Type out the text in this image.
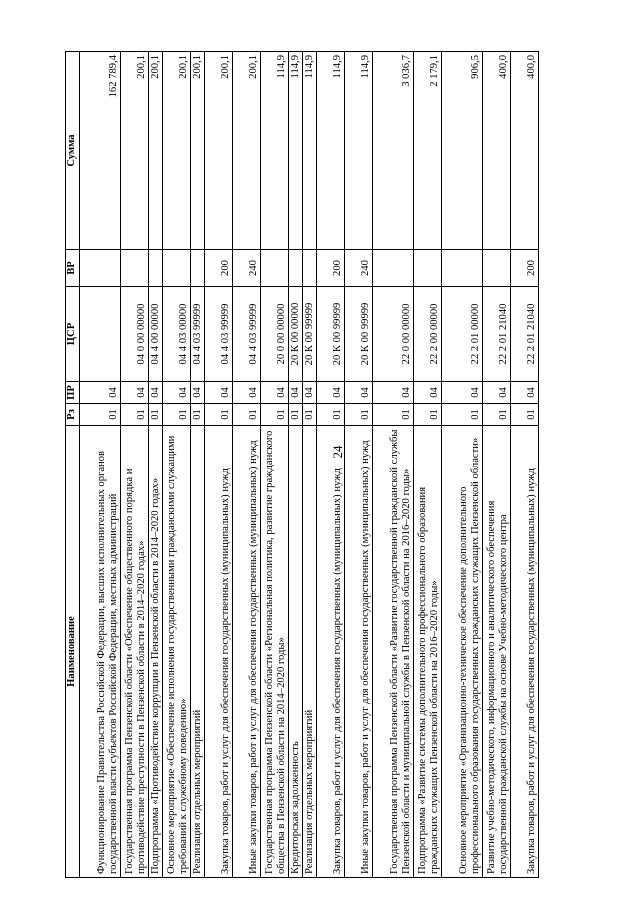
24
Наименование	Рз	ПР	ЦСР	ВР	Сумма
Функционирование Правительства Российской Федерации, высших исполнительных органов государственной власти субъектов Российской Федерации, местных администраций	01	04			162 789,4
Государственная программа Пензенской области «Обеспечение общественного порядка и противодействие преступности в Пензенской области в 2014–2020 годах»	01	04	04 0 00 00000		200,1
Подпрограмма «Противодействие коррупции в Пензенской области в 2014–2020 годах»	01	04	04 4 00 00000		200,1
Основное мероприятие «Обеспечение исполнения государственными гражданскими служащими требований к служебному поведению»	01	04	04 4 03 00000		200,1
Реализация отдельных мероприятий	01	04	04 4 03 99999		200,1
Закупка товаров, работ и услуг для обеспечения государственных (муниципальных) нужд	01	04	04 4 03 99999	200	200,1
Иные закупки товаров, работ и услуг для обеспечения государственных (муниципальных) нужд	01	04	04 4 03 99999	240	200,1
Государственная программа Пензенской области «Региональная политика, развитие гражданского общества в Пензенской области на 2014–2020 годы»	01	04	20 0 00 00000		114,9
Кредиторская задолженность	01	04	20 К 00 00000		114,9
Реализация отдельных мероприятий	01	04	20 К 00 99999		114,9
Закупка товаров, работ и услуг для обеспечения государственных (муниципальных) нужд	01	04	20 К 00 99999	200	114,9
Иные закупки товаров, работ и услуг для обеспечения государственных (муниципальных) нужд	01	04	20 К 00 99999	240	114,9
Государственная программа Пензенской области «Развитие государственной гражданской службы Пензенской области и муниципальной службы в Пензенской области на 2016–2020 годы»	01	04	22 0 00 00000		3 036,7
Подпрограмма «Развитие системы дополнительного профессионального образования гражданских служащих Пензенской области на 2016–2020 годы»	01	04	22 2 00 00000		2 179,1
Основное мероприятие «Организационно-техническое обеспечение дополнительного профессионального образования государственных гражданских служащих Пензенской области»	01	04	22 2 01 00000		906,5
Развитие учебно-методического, информационного и аналитического обеспечения государственной гражданской службы на основе Учебно-методического центра	01	04	22 2 01 21040		400,0
Закупка товаров, работ и услуг для обеспечения государственных (муниципальных) нужд	01	04	22 2 01 21040	200	400,0
